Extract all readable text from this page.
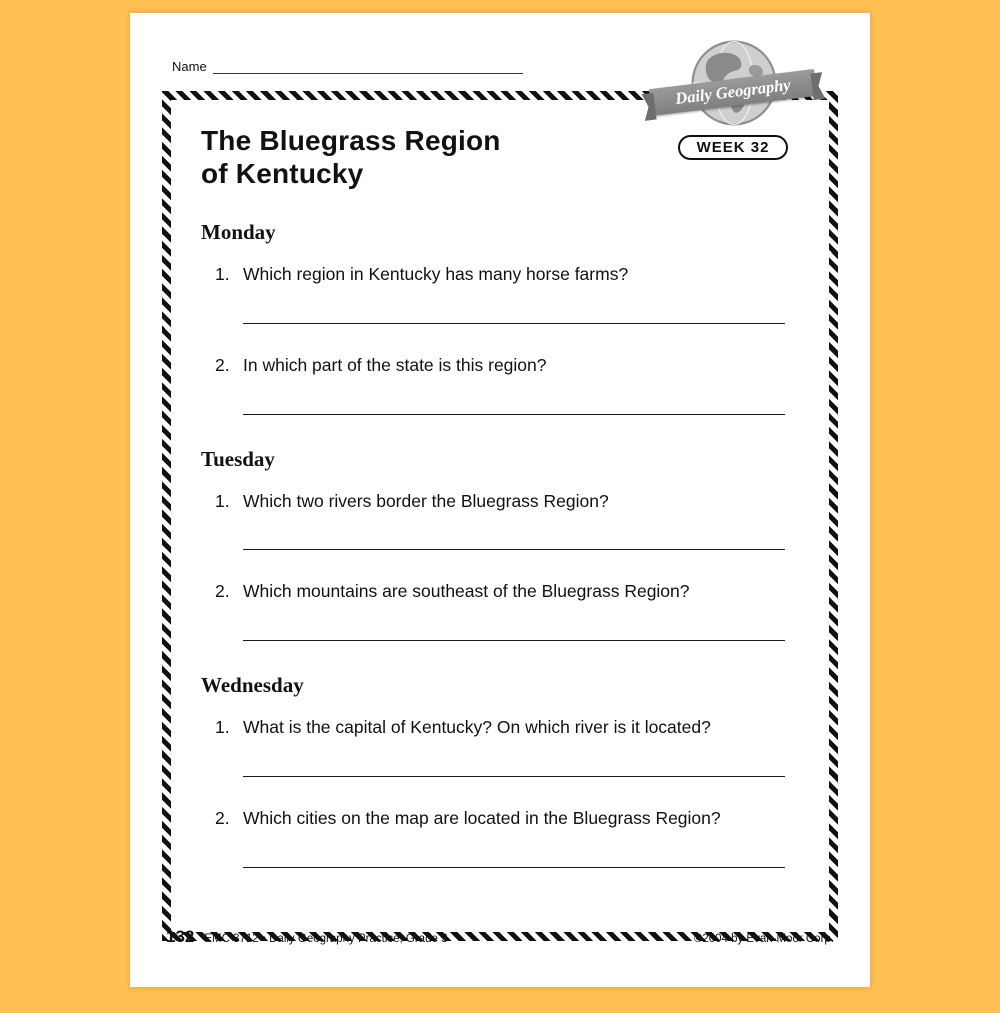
Name
The Bluegrass Region
of Kentucky
Monday
1. Which region in Kentucky has many horse farms?
2. In which part of the state is this region?
Tuesday
1. Which two rivers border the Bluegrass Region?
2. Which mountains are southeast of the Bluegrass Region?
Wednesday
1. What is the capital of Kentucky? On which river is it located?
2. Which cities on the map are located in the Bluegrass Region?
Daily Geography
WEEK 32
132 EMC 3712 • Daily Geography Practice, Grade 3	©2004 by Evan-Moor Corp.
